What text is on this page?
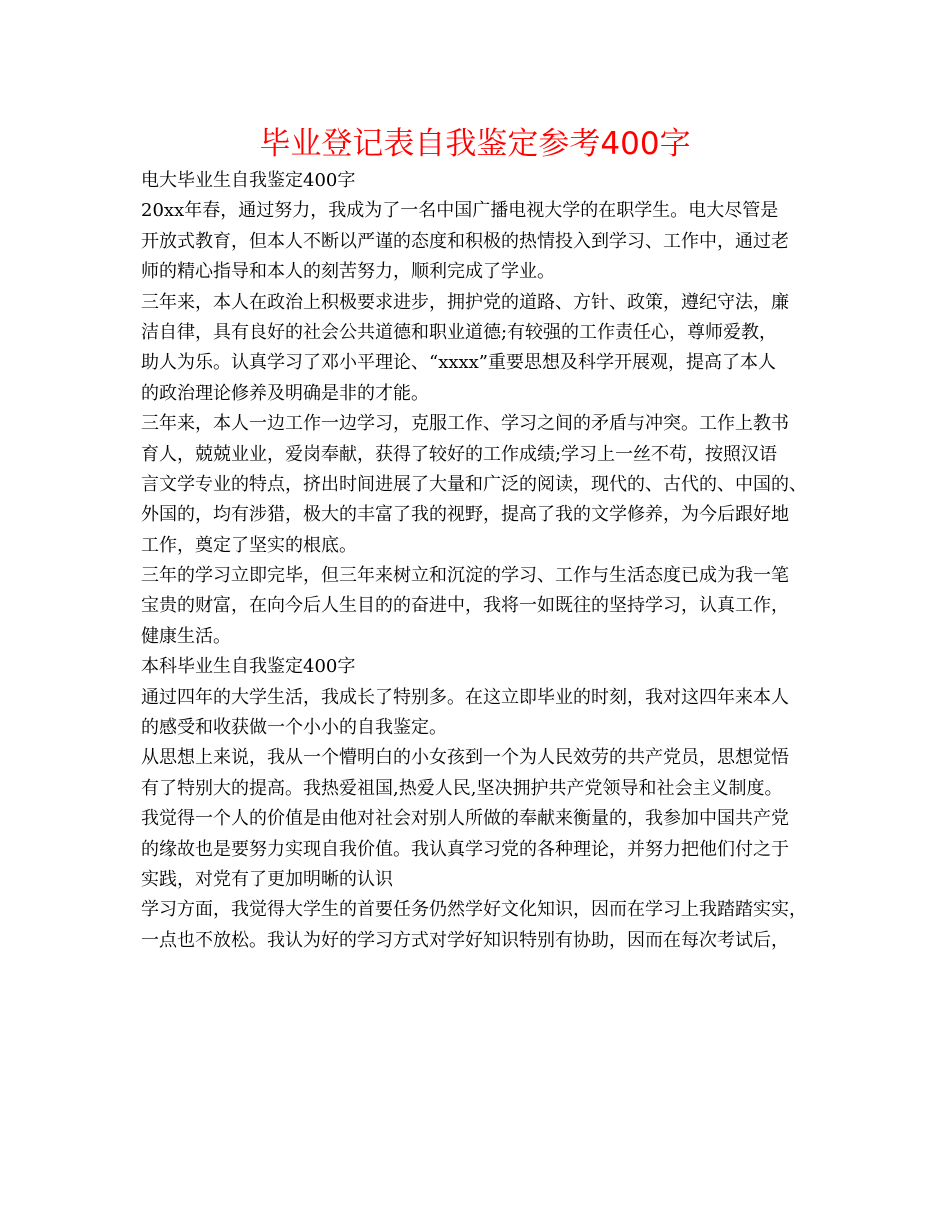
毕业登记表自我鉴定参考400字
电大毕业生自我鉴定400字
20xx年春，通过努力，我成为了一名中国广播电视大学的在职学生。电大尽管是
开放式教育，但本人不断以严谨的态度和积极的热情投入到学习、工作中，通过老
师的精心指导和本人的刻苦努力，顺利完成了学业。
三年来，本人在政治上积极要求进步，拥护党的道路、方针、政策，遵纪守法，廉
洁自律，具有良好的社会公共道德和职业道德;有较强的工作责任心，尊师爱教，
助人为乐。认真学习了邓小平理论、“xxxx”重要思想及科学开展观，提高了本人
的政治理论修养及明确是非的才能。
三年来，本人一边工作一边学习，克服工作、学习之间的矛盾与冲突。工作上教书
育人，兢兢业业，爱岗奉献，获得了较好的工作成绩;学习上一丝不苟，按照汉语
言文学专业的特点，挤出时间进展了大量和广泛的阅读，现代的、古代的、中国的、
外国的，均有涉猎，极大的丰富了我的视野，提高了我的文学修养，为今后跟好地
工作，奠定了坚实的根底。
三年的学习立即完毕，但三年来树立和沉淀的学习、工作与生活态度已成为我一笔
宝贵的财富，在向今后人生目的的奋进中，我将一如既往的坚持学习，认真工作，
健康生活。
本科毕业生自我鉴定400字
通过四年的大学生活，我成长了特别多。在这立即毕业的时刻，我对这四年来本人
的感受和收获做一个小小的自我鉴定。
从思想上来说，我从一个懵明白的小女孩到一个为人民效劳的共产党员，思想觉悟
有了特别大的提高。我热爱祖国,热爱人民,坚决拥护共产党领导和社会主义制度。
我觉得一个人的价值是由他对社会对别人所做的奉献来衡量的，我参加中国共产党
的缘故也是要努力实现自我价值。我认真学习党的各种理论，并努力把他们付之于
实践，对党有了更加明晰的认识
学习方面，我觉得大学生的首要任务仍然学好文化知识，因而在学习上我踏踏实实，
一点也不放松。我认为好的学习方式对学好知识特别有协助，因而在每次考试后，
